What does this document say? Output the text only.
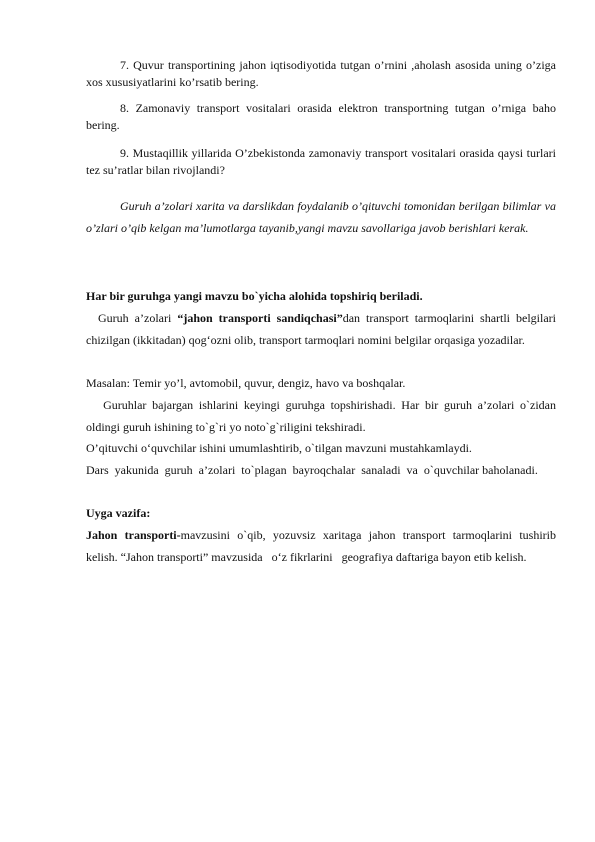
7. Quvur transportining jahon iqtisodiyotida tutgan o’rnini ,aholash asosida uning o’ziga xos xususiyatlarini ko’rsatib bering.
8. Zamonaviy transport vositalari orasida elektron transportning tutgan o’rniga baho bering.
9. Mustaqillik yillarida O’zbekistonda zamonaviy transport vositalari orasida qaysi turlari tez su’ratlar bilan rivojlandi?
Guruh a’zolari xarita va darslikdan foydalanib o’qituvchi tomonidan berilgan bilimlar va o’zlari o’qib kelgan ma’lumotlarga tayanib,yangi mavzu savollariga javob berishlari kerak.
Har bir guruhga yangi mavzu bo`yicha alohida topshiriq beriladi.
Guruh a’zolari “jahon transporti sandiqchasi”dan transport tarmoqlarini shartli belgilari chizilgan (ikkitadan) qog‘ozni olib, transport tarmoqlari nomini belgilar orqasiga yozadilar.
Masalan: Temir yo’l, avtomobil, quvur, dengiz, havo va boshqalar.
Guruhlar bajargan ishlarini keyingi guruhga topshirishadi. Har bir guruh a’zolari o`zidan oldingi guruh ishining to`g`ri yo noto`g`riligini tekshiradi.
O’qituvchi o‘quvchilar ishini umumlashtirib, o`tilgan mavzuni mustahkamlaydi.
Dars  yakunida  guruh  a’zolari  to`plagan  bayroqchalar  sanaladi  va  o`quvchilar baholanadi.
Uyga vazifa:
Jahon transporti-mavzusini o`qib, yozuvsiz xaritaga jahon transport tarmoqlarini tushirib kelish. “Jahon transporti” mavzusida   o‘z fikrlarini   geografiya daftariga bayon etib kelish.
